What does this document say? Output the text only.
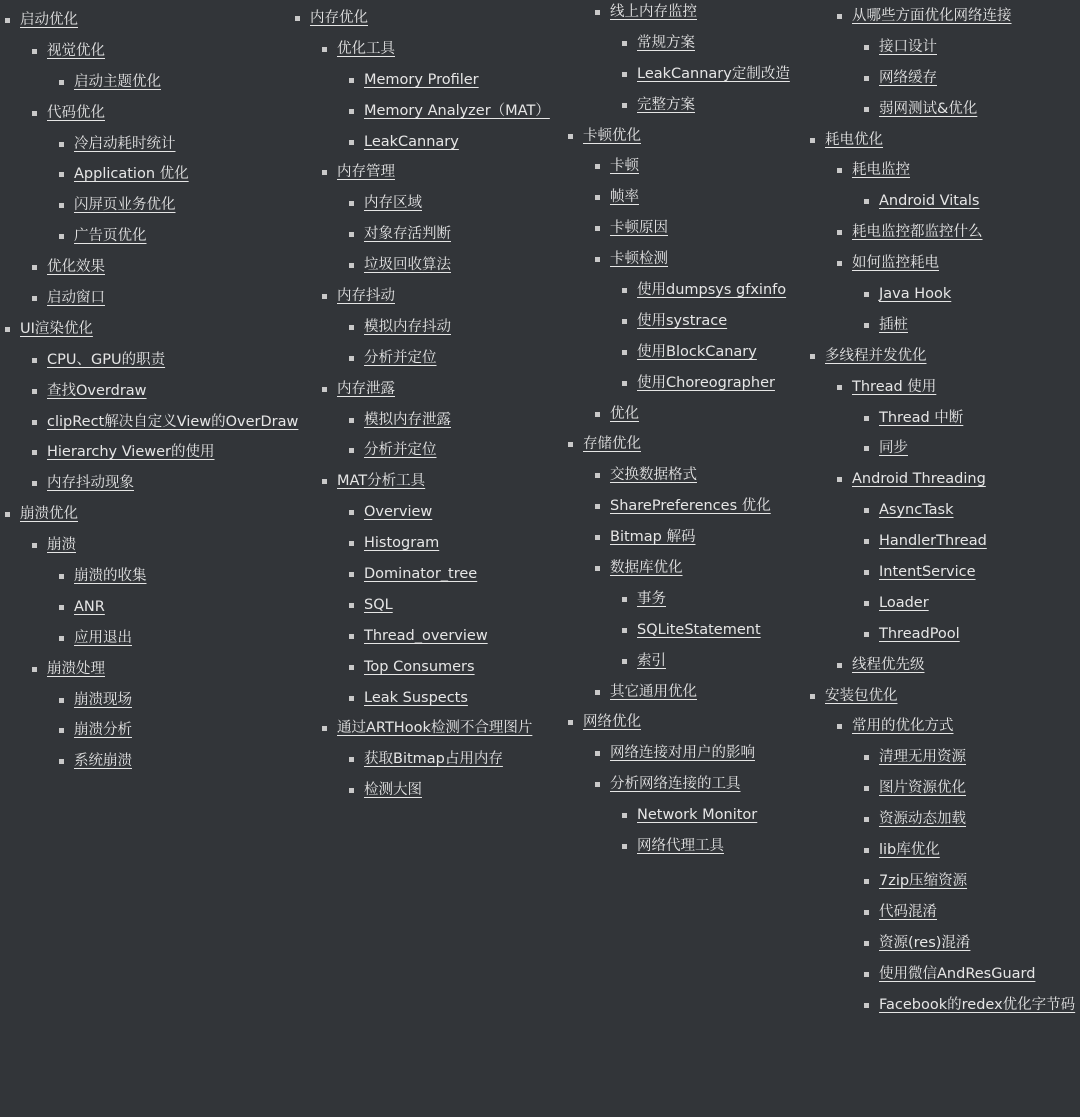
启动优化
视觉优化
启动主题优化
代码优化
冷启动耗时统计
Application 优化
闪屏页业务优化
广告页优化
优化效果
启动窗口
UI渲染优化
CPU、GPU的职责
查找Overdraw
clipRect解决自定义View的OverDraw
Hierarchy Viewer的使用
内存抖动现象
崩溃优化
崩溃
崩溃的收集
ANR
应用退出
崩溃处理
崩溃现场
崩溃分析
系统崩溃
内存优化
优化工具
Memory Profiler
Memory Analyzer（MAT）
LeakCannary
内存管理
内存区域
对象存活判断
垃圾回收算法
内存抖动
模拟内存抖动
分析并定位
内存泄露
模拟内存泄露
分析并定位
MAT分析工具
Overview
Histogram
Dominator_tree
SQL
Thread_overview
Top Consumers
Leak Suspects
通过ARTHook检测不合理图片
获取Bitmap占用内存
检测大图
线上内存监控
常规方案
LeakCannary定制改造
完整方案
卡顿优化
卡顿
帧率
卡顿原因
卡顿检测
使用dumpsys gfxinfo
使用systrace
使用BlockCanary
使用Choreographer
优化
存储优化
交换数据格式
SharePreferences 优化
Bitmap 解码
数据库优化
事务
SQLiteStatement
索引
其它通用优化
网络优化
网络连接对用户的影响
分析网络连接的工具
Network Monitor
网络代理工具
从哪些方面优化网络连接
接口设计
网络缓存
弱网测试&优化
耗电优化
耗电监控
Android Vitals
耗电监控都监控什么
如何监控耗电
Java Hook
插桩
多线程并发优化
Thread 使用
Thread 中断
同步
Android Threading
AsyncTask
HandlerThread
IntentService
Loader
ThreadPool
线程优先级
安装包优化
常用的优化方式
清理无用资源
图片资源优化
资源动态加载
lib库优化
7zip压缩资源
代码混淆
资源(res)混淆
使用微信AndResGuard
Facebook的redex优化字节码
